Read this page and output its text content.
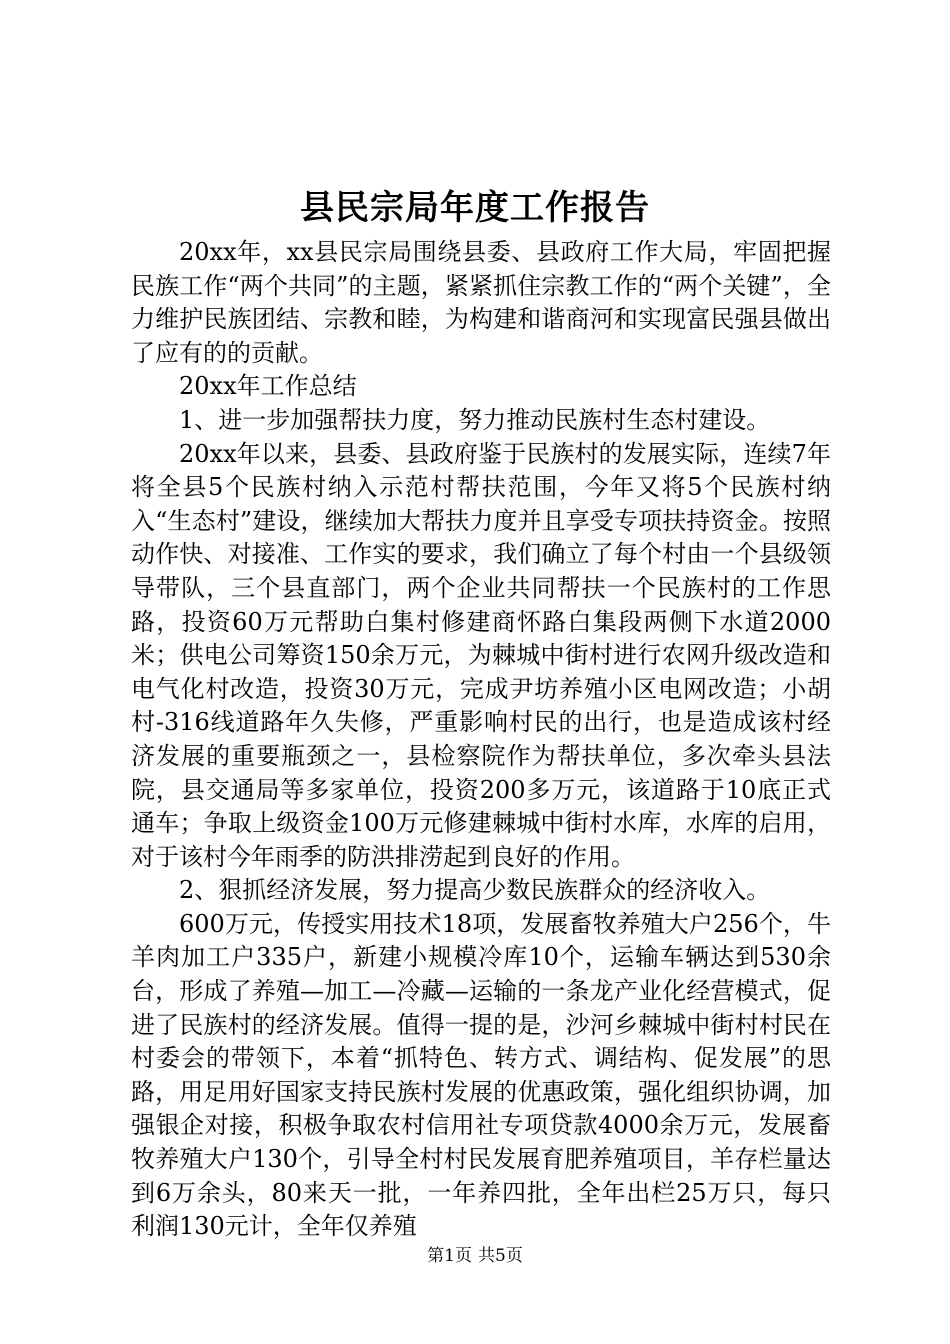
县民宗局年度工作报告

20xx年，xx县民宗局围绕县委、县政府工作大局，牢固把握民族工作“两个共同”的主题，紧紧抓住宗教工作的“两个关键”，全力维护民族团结、宗教和睦，为构建和谐商河和实现富民强县做出了应有的的贡献。

20xx年工作总结

1、进一步加强帮扶力度，努力推动民族村生态村建设。

20xx年以来，县委、县政府鉴于民族村的发展实际，连续7年将全县5个民族村纳入示范村帮扶范围，今年又将5个民族村纳入“生态村”建设，继续加大帮扶力度并且享受专项扶持资金。按照动作快、对接准、工作实的要求，我们确立了每个村由一个县级领导带队，三个县直部门，两个企业共同帮扶一个民族村的工作思路，投资60万元帮助白集村修建商怀路白集段两侧下水道2000米；供电公司筹资150余万元，为棘城中街村进行农网升级改造和电气化村改造，投资30万元，完成尹坊养殖小区电网改造；小胡村-316线道路年久失修，严重影响村民的出行，也是造成该村经济发展的重要瓶颈之一，县检察院作为帮扶单位，多次牵头县法院，县交通局等多家单位，投资200多万元，该道路于10底正式通车；争取上级资金100万元修建棘城中街村水库，水库的启用，对于该村今年雨季的防洪排涝起到良好的作用。

2、狠抓经济发展，努力提高少数民族群众的经济收入。

600万元，传授实用技术18项，发展畜牧养殖大户256个，牛羊肉加工户335户，新建小规模冷库10个，运输车辆达到530余台，形成了养殖—加工—冷藏—运输的一条龙产业化经营模式，促进了民族村的经济发展。值得一提的是，沙河乡棘城中街村村民在村委会的带领下，本着“抓特色、转方式、调结构、促发展”的思路，用足用好国家支持民族村发展的优惠政策，强化组织协调，加强银企对接，积极争取农村信用社专项贷款4000余万元，发展畜牧养殖大户130个，引导全村村民发展育肥养殖项目，羊存栏量达到6万余头，80来天一批，一年养四批，全年出栏25万只，每只利润130元计，全年仅养殖

第1页 共5页
